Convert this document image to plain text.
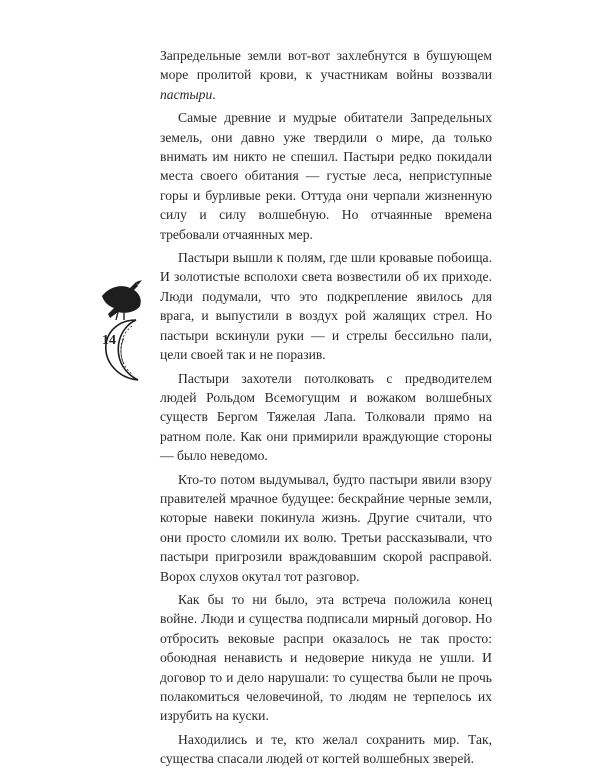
14

Запредельные земли вот-вот захлебнутся в бушующем море пролитой крови, к участникам войны воззвали пастыри.

Самые древние и мудрые обитатели Запредельных земель, они давно уже твердили о мире, да только внимать им никто не спешил. Пастыри редко покидали места своего обитания — густые леса, неприступные горы и бурливые реки. Оттуда они черпали жизненную силу и силу волшебную. Но отчаянные времена требовали отчаянных мер.

Пастыри вышли к полям, где шли кровавые побоища. И золотистые всполохи света возвестили об их приходе. Люди подумали, что это подкрепление явилось для врага, и выпустили в воздух рой жалящих стрел. Но пастыри вскинули руки — и стрелы бессильно пали, цели своей так и не поразив.

Пастыри захотели потолковать с предводителем людей Рольдом Всемогущим и вожаком волшебных существ Бергом Тяжелая Лапа. Толковали прямо на ратном поле. Как они примирили враждующие стороны — было неведомо.

Кто-то потом выдумывал, будто пастыри явили взору правителей мрачное будущее: бескрайние черные земли, которые навеки покинула жизнь. Другие считали, что они просто сломили их волю. Третьи рассказывали, что пастыри пригрозили враждовавшим скорой расправой. Ворох слухов окутал тот разговор.

Как бы то ни было, эта встреча положила конец войне. Люди и существа подписали мирный договор. Но отбросить вековые распри оказалось не так просто: обоюдная ненависть и недоверие никуда не ушли. И договор то и дело нарушали: то существа были не прочь полакомиться человечиной, то людям не терпелось их изрубить на куски.

Находились и те, кто желал сохранить мир. Так, существа спасали людей от когтей волшебных зверей.
